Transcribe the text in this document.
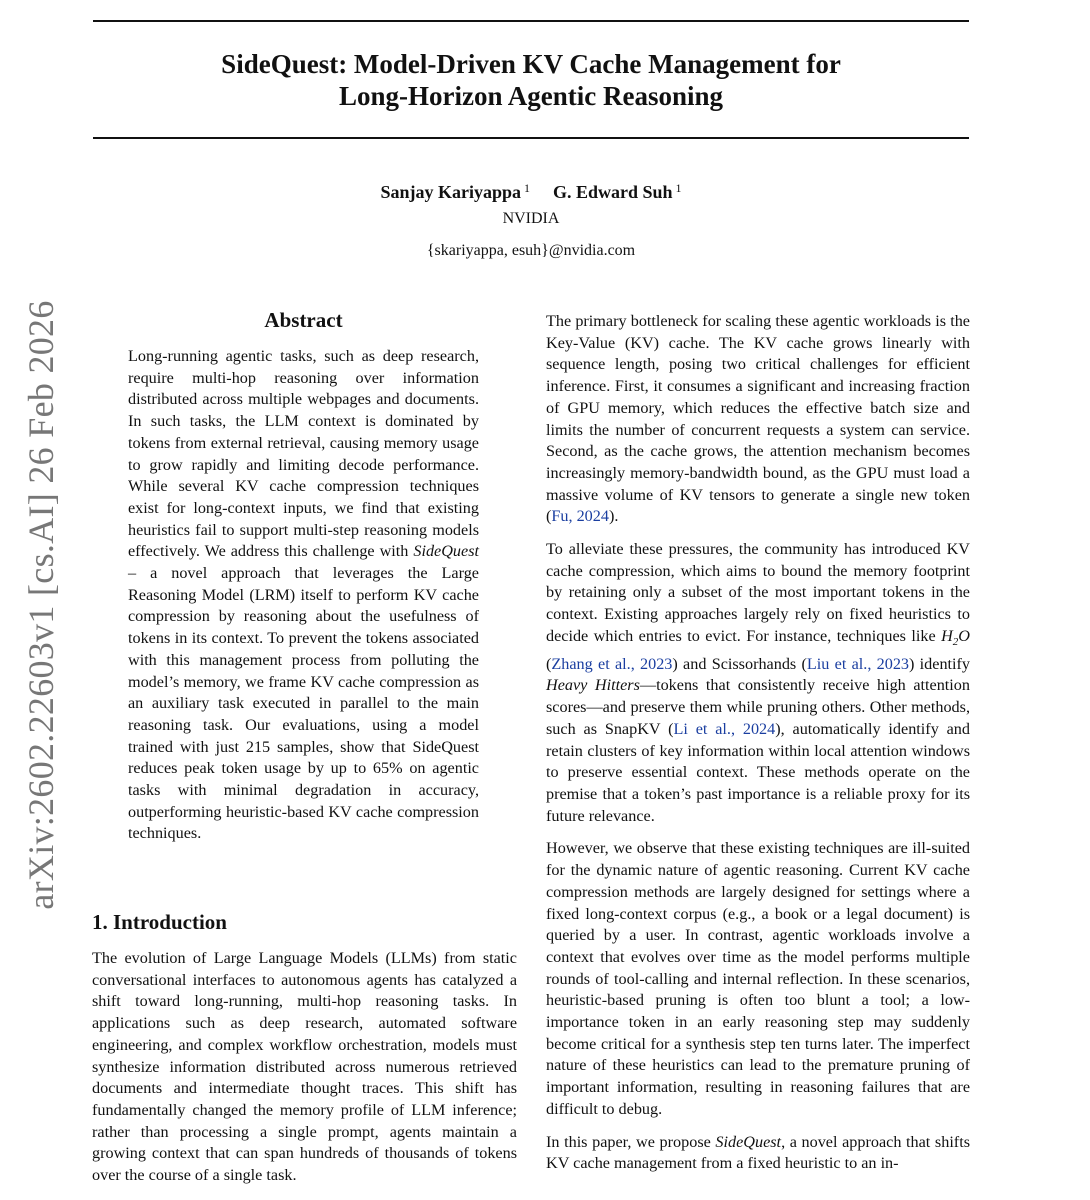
SideQuest: Model-Driven KV Cache Management for
Long-Horizon Agentic Reasoning
Sanjay Kariyappa $^1$ G. Edward Suh $^1$
NVIDIA
{skariyappa, esuh}@nvidia.com
arXiv:2602.22603v1 [cs.AI] 26 Feb 2026	Abstract

Long-running agentic tasks, such as deep research, require multi-hop reasoning over information distributed across multiple webpages and documents. In such tasks, the LLM context is dominated by tokens from external retrieval, causing memory usage to grow rapidly and limiting decode performance. While several KV cache compression techniques exist for long-context inputs, we find that existing heuristics fail to support multi-step reasoning models effectively. We address this challenge with SideQuest – a novel approach that leverages the Large Reasoning Model (LRM) itself to perform KV cache compression by reasoning about the usefulness of tokens in its context. To prevent the tokens associated with this management process from polluting the model’s memory, we frame KV cache compression as an auxiliary task executed in parallel to the main reasoning task. Our evaluations, using a model trained with just 215 samples, show that SideQuest reduces peak token usage by up to 65% on agentic tasks with minimal degradation in accuracy, outperforming heuristic-based KV cache compression techniques.

1. Introduction

The evolution of Large Language Models (LLMs) from static conversational interfaces to autonomous agents has catalyzed a shift toward long-running, multi-hop reasoning tasks. In applications such as deep research, automated software engineering, and complex workflow orchestration, models must synthesize information distributed across numerous retrieved documents and intermediate thought traces. This shift has fundamentally changed the memory profile of LLM inference; rather than processing a single prompt, agents maintain a growing context that can span hundreds of thousands of tokens over the course of a single task.

The primary bottleneck for scaling these agentic workloads is the Key-Value (KV) cache. The KV cache grows linearly with sequence length, posing two critical challenges for efficient inference. First, it consumes a significant and increasing fraction of GPU memory, which reduces the effective batch size and limits the number of concurrent requests a system can service. Second, as the cache grows, the attention mechanism becomes increasingly memory-bandwidth bound, as the GPU must load a massive volume of KV tensors to generate a single new token (Fu, 2024).

To alleviate these pressures, the community has introduced KV cache compression, which aims to bound the memory footprint by retaining only a subset of the most important tokens in the context. Existing approaches largely rely on fixed heuristics to decide which entries to evict. For instance, techniques like $H_2O$ (Zhang et al., 2023) and Scissorhands (Liu et al., 2023) identify Heavy Hitters—tokens that consistently receive high attention scores—and preserve them while pruning others. Other methods, such as SnapKV (Li et al., 2024), automatically identify and retain clusters of key information within local attention windows to preserve essential context. These methods operate on the premise that a token’s past importance is a reliable proxy for its future relevance.

However, we observe that these existing techniques are ill-suited for the dynamic nature of agentic reasoning. Current KV cache compression methods are largely designed for settings where a fixed long-context corpus (e.g., a book or a legal document) is queried by a user. In contrast, agentic workloads involve a context that evolves over time as the model performs multiple rounds of tool-calling and internal reflection. In these scenarios, heuristic-based pruning is often too blunt a tool; a low-importance token in an early reasoning step may suddenly become critical for a synthesis step ten turns later. The imperfect nature of these heuristics can lead to the premature pruning of important information, resulting in reasoning failures that are difficult to debug.

In this paper, we propose SideQuest, a novel approach that shifts KV cache management from a fixed heuristic to an in-
